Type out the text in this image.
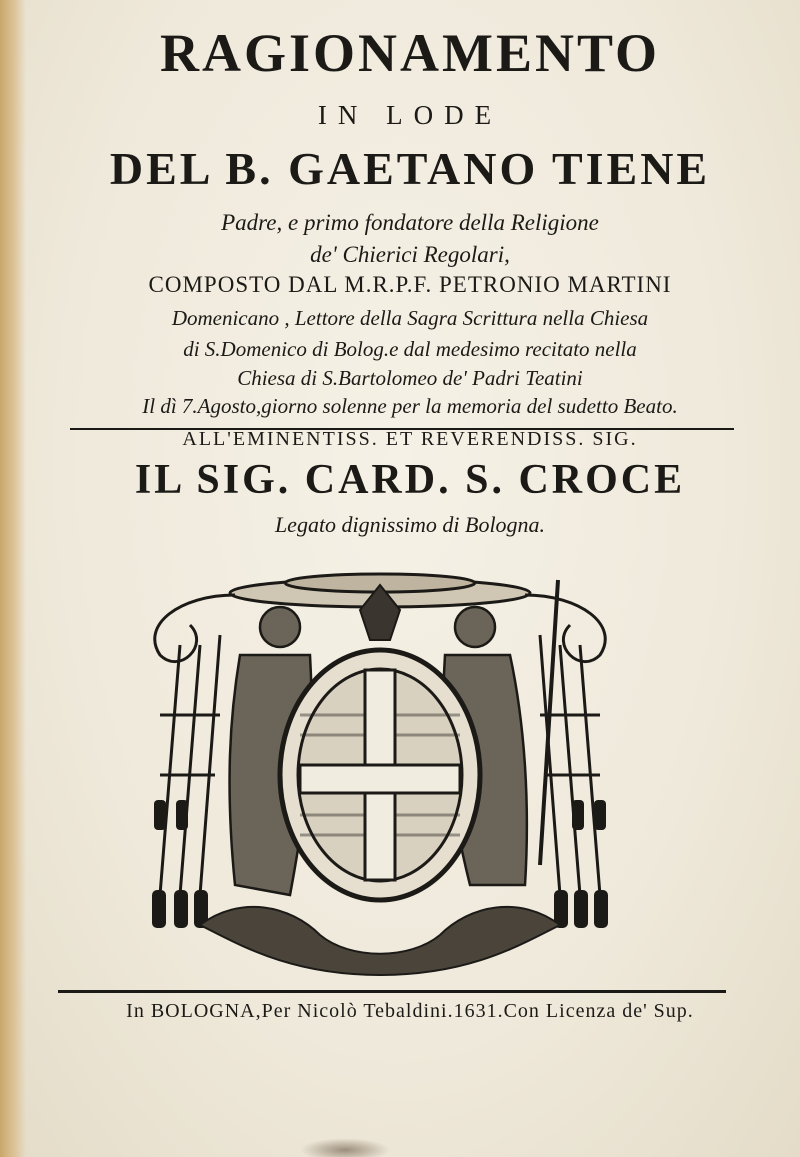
RAGIONAMENTO
IN LODE
DEL B. GAETANO TIENE
Padre, e primo fondatore della Religione
de' Chierici Regolari,
COMPOSTO DAL M.R.P.F. PETRONIO MARTINI
Domenicano , Lettore della Sagra Scrittura nella Chiesa
di S.Domenico di Bolog.e dal medesimo recitato nella
Chiesa di S.Bartolomeo de' Padri Teatini
Il dì 7.Agosto,giorno solenne per la memoria del sudetto Beato.
ALL'EMINENTISS. ET REVERENDISS. SIG.
IL SIG. CARD. S. CROCE
Legato dignissimo di Bologna.
In BOLOGNA,Per Nicolò Tebaldini.1631.Con Licenza de' Sup.
